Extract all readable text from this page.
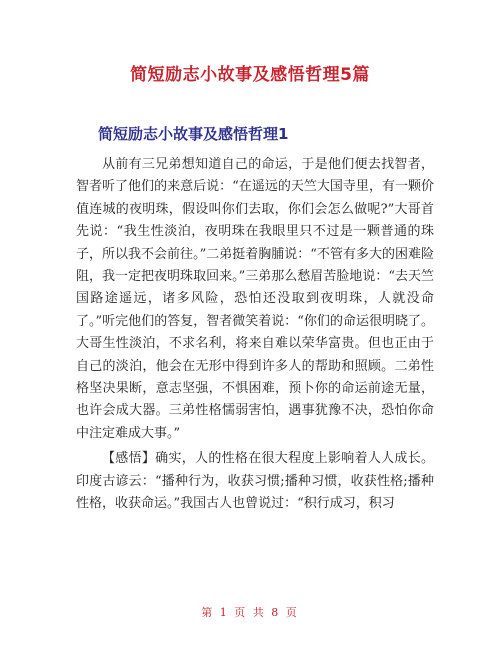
简短励志小故事及感悟哲理5篇
简短励志小故事及感悟哲理1

从前有三兄弟想知道自己的命运，于是他们便去找智者，智者听了他们的来意后说：“在遥远的天竺大国寺里，有一颗价值连城的夜明珠，假设叫你们去取，你们会怎么做呢?”大哥首先说：“我生性淡泊，夜明珠在我眼里只不过是一颗普通的珠子，所以我不会前往。”二弟挺着胸脯说：“不管有多大的困难险阻，我一定把夜明珠取回来。”三弟那么愁眉苦脸地说：“去天竺国路途遥远，诸多风险，恐怕还没取到夜明珠，人就没命了。”听完他们的答复，智者微笑着说：“你们的命运很明晓了。大哥生性淡泊，不求名利，将来自难以荣华富贵。但也正由于自己的淡泊，他会在无形中得到许多人的帮助和照顾。二弟性格坚决果断，意志坚强，不惧困难，预卜你的命运前途无量，也许会成大器。三弟性格懦弱害怕，遇事犹豫不决，恐怕你命中注定难成大事。”

【感悟】确实，人的性格在很大程度上影响着人人成长。印度古谚云：“播种行为，收获习惯;播种习惯，收获性格;播种性格，收获命运。”我国古人也曾说过：“积行成习，积习

第 1 页 共 8 页
